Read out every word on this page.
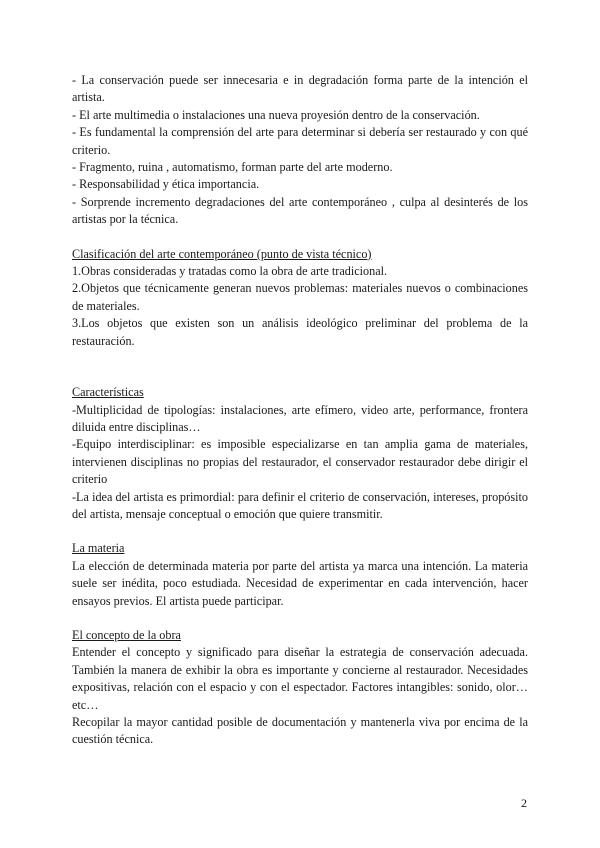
- La conservación puede ser innecesaria e in degradación forma parte de la intención el artista.

- El arte multimedia o instalaciones una nueva proyesión dentro de la conservación.

- Es fundamental la comprensión del arte para determinar si debería ser restaurado y con qué criterio.

- Fragmento, ruina , automatismo, forman parte del arte moderno.

- Responsabilidad y ética importancia.

- Sorprende incremento degradaciones del arte contemporáneo , culpa al desinterés de los artistas por la técnica.

Clasificación del arte contemporáneo (punto de vista técnico)

1.Obras consideradas y tratadas como la obra de arte tradicional.

2.Objetos que técnicamente generan nuevos problemas: materiales nuevos o combinaciones de materiales.

3.Los objetos que existen son un análisis ideológico preliminar del problema de la restauración.

Características

-Multiplicidad de tipologías: instalaciones, arte efímero, video arte, performance, frontera diluida entre disciplinas…

-Equipo interdisciplinar: es imposible especializarse en tan amplia gama de materiales, intervienen disciplinas no propias del restaurador, el conservador restaurador debe dirigir el criterio

-La idea del artista es primordial: para definir el criterio de conservación, intereses, propósito del artista, mensaje conceptual o emoción que quiere transmitir.

La materia

La elección de determinada materia por parte del artista ya marca una intención. La materia suele ser inédita, poco estudiada. Necesidad de experimentar en cada intervención, hacer ensayos previos. El artista puede participar.

El concepto de la obra

Entender el concepto y significado para diseñar la estrategia de conservación adecuada. También la manera de exhibir la obra es importante y concierne al restaurador. Necesidades expositivas, relación con el espacio y con el espectador. Factores intangibles: sonido, olor… etc…

Recopilar la mayor cantidad posible de documentación y mantenerla viva por encima de la cuestión técnica.

2
